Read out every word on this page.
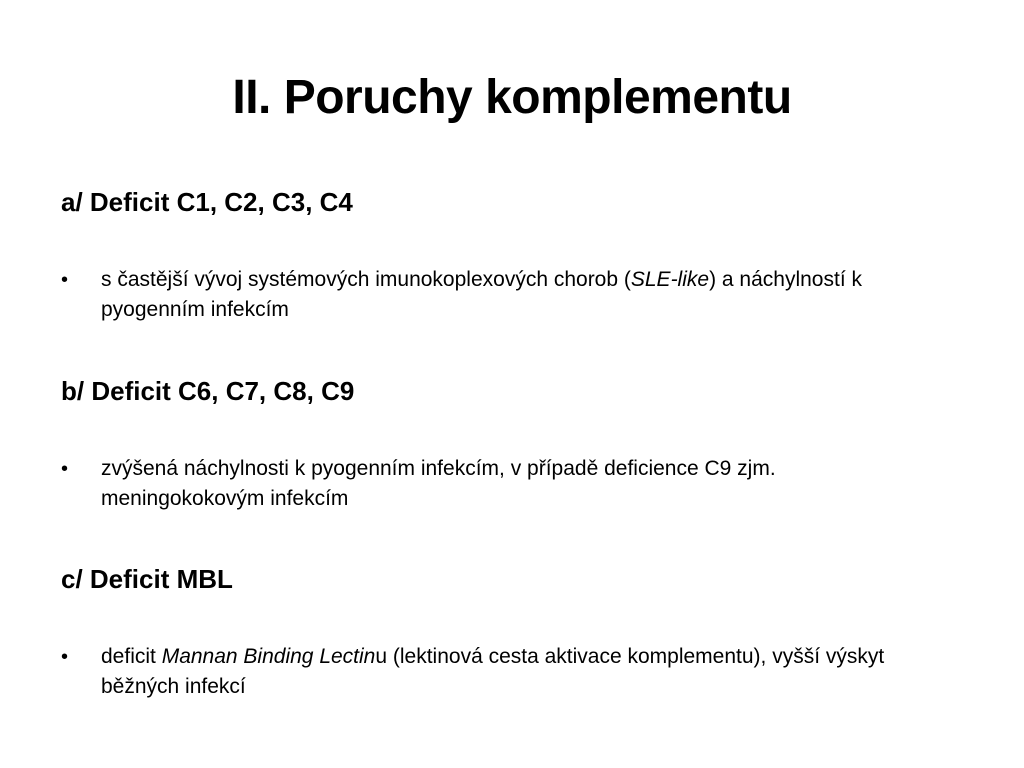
II. Poruchy komplementu
a/ Deficit C1, C2, C3, C4
•	s častější vývoj systémových imunokoplexových chorob (SLE-like) a náchylností k pyogenním infekcím
b/ Deficit C6, C7, C8, C9
•	zvýšená náchylnosti k pyogenním infekcím, v případě deficience C9 zjm. meningokokovým infekcím
c/ Deficit MBL
•	deficit Mannan Binding Lectinu (lektinová cesta aktivace komplementu), vyšší výskyt běžných infekcí
